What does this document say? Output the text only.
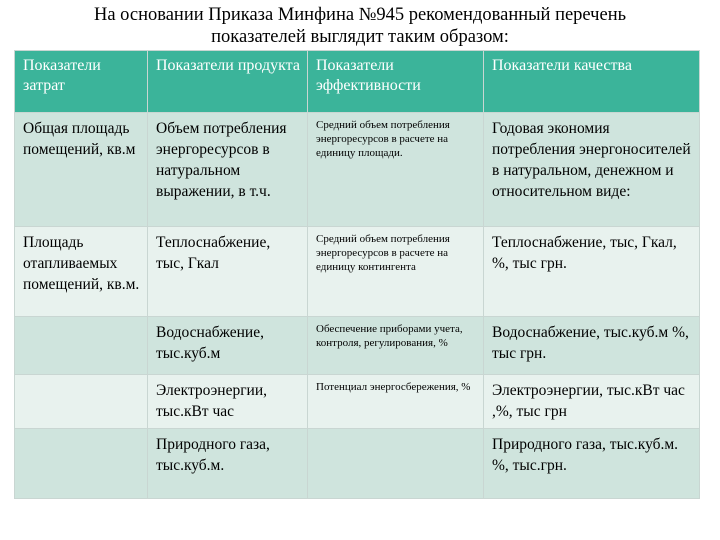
На основании Приказа Минфина №945 рекомендованный перечень
показателей выглядит таким образом:
Показатели затрат	Показатели продукта	Показатели эффективности	Показатели качества
Общая площадь помещений, кв.м	Объем потребления энергоресурсов в натуральном выражении, в т.ч.	Средний объем потребления энергоресурсов в расчете на единицу площади.	Годовая экономия потребления энергоносителей в натуральном, денежном и относительном виде:
Площадь отапливаемых помещений, кв.м.	Теплоснабжение, тыс, Гкал	Средний объем потребления энергоресурсов в расчете на единицу контингента	Теплоснабжение, тыс, Гкал, %, тыс грн.
	Водоснабжение, тыс.куб.м	Обеспечение приборами учета, контроля, регулирования, %	Водоснабжение, тыс.куб.м %, тыс грн.
	Электроэнергии, тыс.кВт час	Потенциал энергосбережения, %	Электроэнергии, тыс.кВт час ,%, тыс грн
	Природного газа, тыс.куб.м.		Природного газа, тыс.куб.м. %, тыс.грн.
